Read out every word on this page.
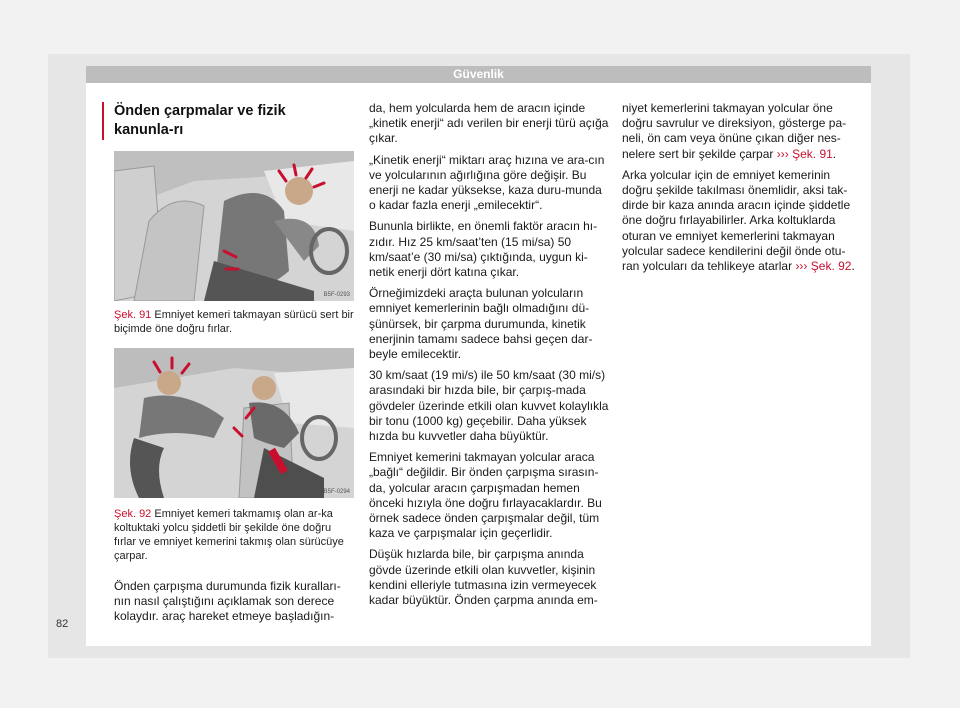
Güvenlik
Önden çarpmalar ve fizik kanunla-rı
B5F-0293
Şek. 91 Emniyet kemeri takmayan sürücü sert bir biçimde öne doğru fırlar.
B5F-0294
Şek. 92 Emniyet kemeri takmamış olan ar-ka koltuktaki yolcu şiddetli bir şekilde öne doğru fırlar ve emniyet kemerini takmış olan sürücüye çarpar.

Önden çarpışma durumunda fizik kuralları-nın nasıl çalıştığını açıklamak son derece kolaydır. araç hareket etmeye başladığın-

da, hem yolcularda hem de aracın içinde „kinetik enerji“ adı verilen bir enerji türü açığa çıkar.

„Kinetik enerji“ miktarı araç hızına ve ara-cın ve yolcularının ağırlığına göre değişir. Bu enerji ne kadar yüksekse, kaza duru-munda o kadar fazla enerji „emilecektir“.

Bununla birlikte, en önemli faktör aracın hı-zıdır. Hız 25 km/saat’ten (15 mi/sa) 50 km/saat’e (30 mi/sa) çıktığında, uygun ki-netik enerji dört katına çıkar.

Örneğimizdeki araçta bulunan yolcuların emniyet kemerlerinin bağlı olmadığını dü-şünürsek, bir çarpma durumunda, kinetik enerjinin tamamı sadece bahsi geçen dar-beyle emilecektir.

30 km/saat (19 mi/s) ile 50 km/saat (30 mi/s) arasındaki bir hızda bile, bir çarpış-mada gövdeler üzerinde etkili olan kuvvet kolaylıkla bir tonu (1000 kg) geçebilir. Daha yüksek hızda bu kuvvetler daha büyüktür.

Emniyet kemerini takmayan yolcular araca „bağlı“ değildir. Bir önden çarpışma sırasın-da, yolcular aracın çarpışmadan hemen önceki hızıyla öne doğru fırlayacaklardır. Bu örnek sadece önden çarpışmalar değil, tüm kaza ve çarpışmalar için geçerlidir.

Düşük hızlarda bile, bir çarpışma anında gövde üzerinde etkili olan kuvvetler, kişinin kendini elleriyle tutmasına izin vermeyecek kadar büyüktür. Önden çarpma anında em-

niyet kemerlerini takmayan yolcular öne doğru savrulur ve direksiyon, gösterge pa-neli, ön cam veya önüne çıkan diğer nes-nelere sert bir şekilde çarpar ››› Şek. 91.

Arka yolcular için de emniyet kemerinin doğru şekilde takılması önemlidir, aksi tak-dirde bir kaza anında aracın içinde şiddetle öne doğru fırlayabilirler. Arka koltuklarda oturan ve emniyet kemerlerini takmayan yolcular sadece kendilerini değil önde otu-ran yolcuları da tehlikeye atarlar ››› Şek. 92.

82
